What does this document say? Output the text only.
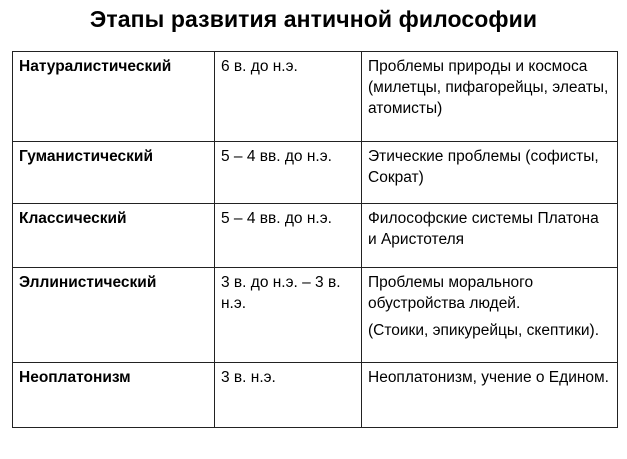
Этапы развития античной философии
Натуралистический	6 в. до н.э.	Проблемы природы и космоса (милетцы, пифагорейцы, элеаты, атомисты)

Гуманистический	5 – 4 вв. до н.э.	Этические проблемы (софисты, Сократ)

Классический	5 – 4 вв. до н.э.	Философские системы Платона и Аристотеля

Эллинистический	3 в. до н.э. – 3 в. н.э.	Проблемы морального обустройства людей.
(Стоики, эпикурейцы, скептики).

Неоплатонизм	3 в. н.э.	Неоплатонизм, учение о Едином.
